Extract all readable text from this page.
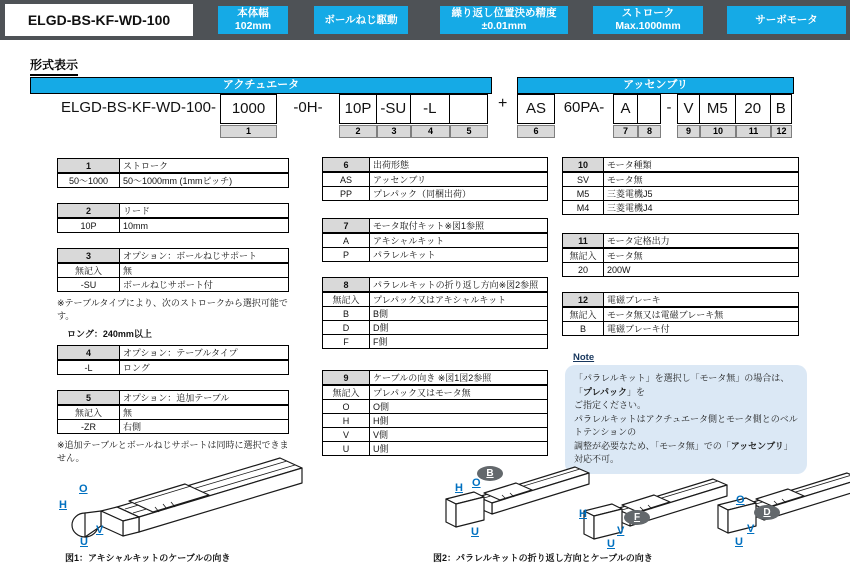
ELGD-BS-KF-WD-100	本体幅
102mm
ボールねじ駆動
繰り返し位置決め精度
±0.01mm
ストローク
Max.1000mm
サーボモータ
形式表示
アクチュエータ
ELGD-BS-KF-WD-100-	1000
1
-0H-	10P
2
-SU
3
-L
4	5
+
アッセンブリ
AS
6
60PA-	A
7	8
- V
9
M5
10
20
11
B
12
1	ストローク
50～1000	50～1000mm (1mmピッチ)
2	リード
10P	10mm
3	オプション：ボールねじサポート
無記入	無
-SU	ボールねじサポート付
※テーブルタイプにより、次のストロークから選択可能です。
ロング：240mm以上
4	オプション：テーブルタイプ
-L	ロング
5	オプション：追加テーブル
無記入	無
-ZR	右側
※追加テーブルとボールねじサポートは同時に選択できません。
6	出荷形態
AS	アッセンブリ
PP	プレパック（同梱出荷）
7	モータ取付キット※図1参照
A	アキシャルキット
P	パラレルキット
8	パラレルキットの折り返し方向※図2参照
無記入	プレパック又はアキシャルキット
B	B側
D	D側
F	F側
9	ケーブルの向き ※図1図2参照
無記入	プレパック又はモータ無
O	O側
H	H側
V	V側
U	U側
10	モータ種類
SV	モータ無
M5	三菱電機J5
M4	三菱電機J4
11	モータ定格出力
無記入	モータ無
20	200W
12	電磁ブレーキ
無記入	モータ無又は電磁ブレーキ無
B	電磁ブレーキ付
Note

「パラレルキット」を選択し「モータ無」の場合は、「プレパック」を

ご指定ください。

パラレルキットはアクチュエータ側とモータ側とのベルトテンションの

調整が必要なため、「モータ無」での「アッセンブリ」対応不可。

O
H
V
U
図1：アキシャルキットのケーブルの向き
B
H O
U
F
H
V
U
D
O
V
U
図2：パラレルキットの折り返し方向とケーブルの向き
